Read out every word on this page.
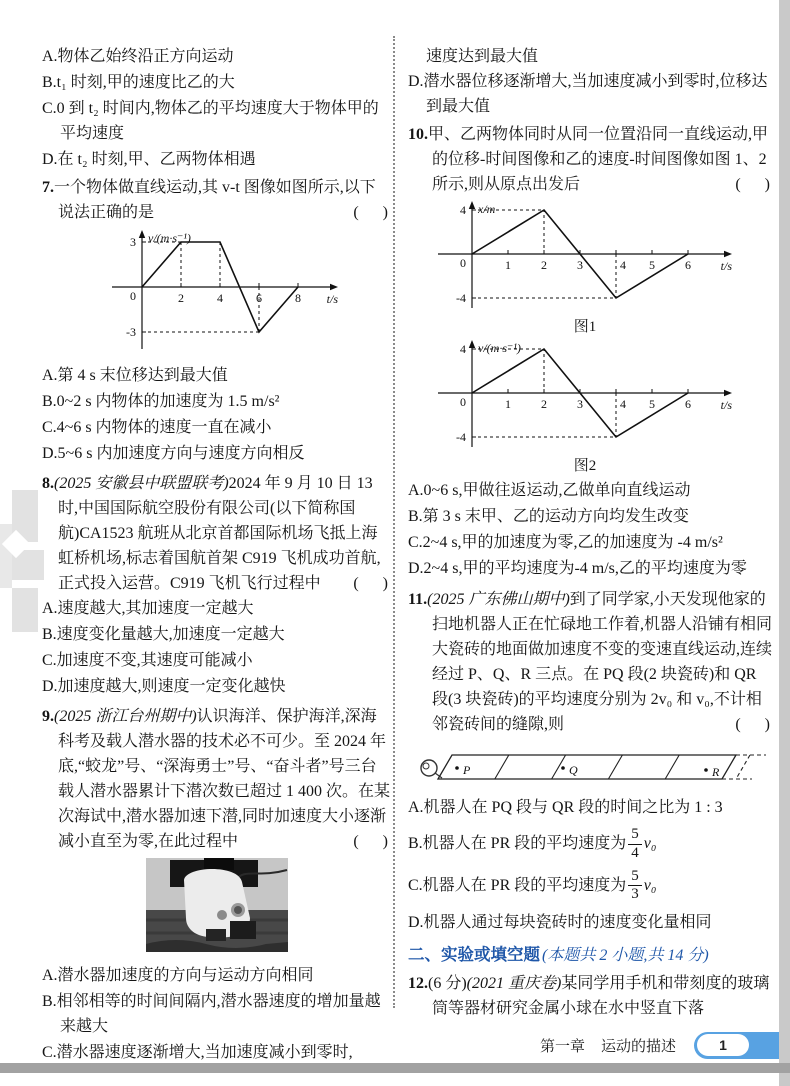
A.物体乙始终沿正方向运动

B.t₁ 时刻,甲的速度比乙的大

C.0 到 t₂ 时间内,物体乙的平均速度大于物体甲的平均速度

D.在 t₂ 时刻,甲、乙两物体相遇

7.一个物体做直线运动,其 v-t 图像如图所示,以下说法正确的是	(      )

2	4	6	8
3
-3
0
v/(m·s⁻¹)
t/s

A.第 4 s 末位移达到最大值

B.0~2 s 内物体的加速度为 1.5 m/s²

C.4~6 s 内物体的速度一直在减小

D.5~6 s 内加速度方向与速度方向相反

8.(2025 安徽县中联盟联考)2024 年 9 月 10 日 13 时,中国国际航空股份有限公司(以下简称国航)CA1523 航班从北京首都国际机场飞抵上海虹桥机场,标志着国航首架 C919 飞机成功首航,正式投入运营。C919 飞机飞行过程中 (      )

A.速度越大,其加速度一定越大

B.速度变化量越大,加速度一定越大

C.加速度不变,其速度可能减小

D.加速度越大,则速度一定变化越快

9.(2025 浙江台州期中)认识海洋、保护海洋,深海科考及载人潜水器的技术必不可少。至 2024 年底,“蛟龙”号、“深海勇士”号、“奋斗者”号三台载人潜水器累计下潜次数已超过 1 400 次。在某次海试中,潜水器加速下潜,同时加速度大小逐渐减小直至为零,在此过程中	(      )

A.潜水器加速度的方向与运动方向相同

B.相邻相等的时间间隔内,潜水器速度的增加量越来越大

C.潜水器速度逐渐增大,当加速度减小到零时,

速度达到最大值

D.潜水器位移逐渐增大,当加速度减小到零时,位移达到最大值

10.甲、乙两物体同时从同一位置沿同一直线运动,甲的位移-时间图像和乙的速度-时间图像如图 1、2 所示,则从原点出发后	(      )

1	2	3	4 5	6
4
-4
0
x/m
t/s
图1
1	2	3	4 5	6
4
-4
0
v/(m·s⁻¹)
t/s
图2

A.0~6 s,甲做往返运动,乙做单向直线运动

B.第 3 s 末甲、乙的运动方向均发生改变

C.2~4 s,甲的加速度为零,乙的加速度为 -4 m/s²

D.2~4 s,甲的平均速度为-4 m/s,乙的平均速度为零

11.(2025 广东佛山期中)到了同学家,小天发现他家的扫地机器人正在忙碌地工作着,机器人沿铺有相同大瓷砖的地面做加速度不变的变速直线运动,连续经过 P、Q、R 三点。在 PQ 段(2 块瓷砖)和 QR 段(3 块瓷砖)的平均速度分别为 2v₀ 和 v₀,不计相邻瓷砖间的缝隙,则	(      )

P	Q	R

A.机器人在 PQ 段与 QR 段的时间之比为 1 : 3

B.机器人在 PR 段的平均速度为 $\frac{5}{4} v_0$

C.机器人在 PR 段的平均速度为 $\frac{5}{3} v_0$

D.机器人通过每块瓷砖时的速度变化量相同

二、实验或填空题 (本题共 2 小题,共 14 分)

12.(6 分)(2021 重庆卷)某同学用手机和带刻度的玻璃筒等器材研究金属小球在水中竖直下落

第一章 运动的描述	1
